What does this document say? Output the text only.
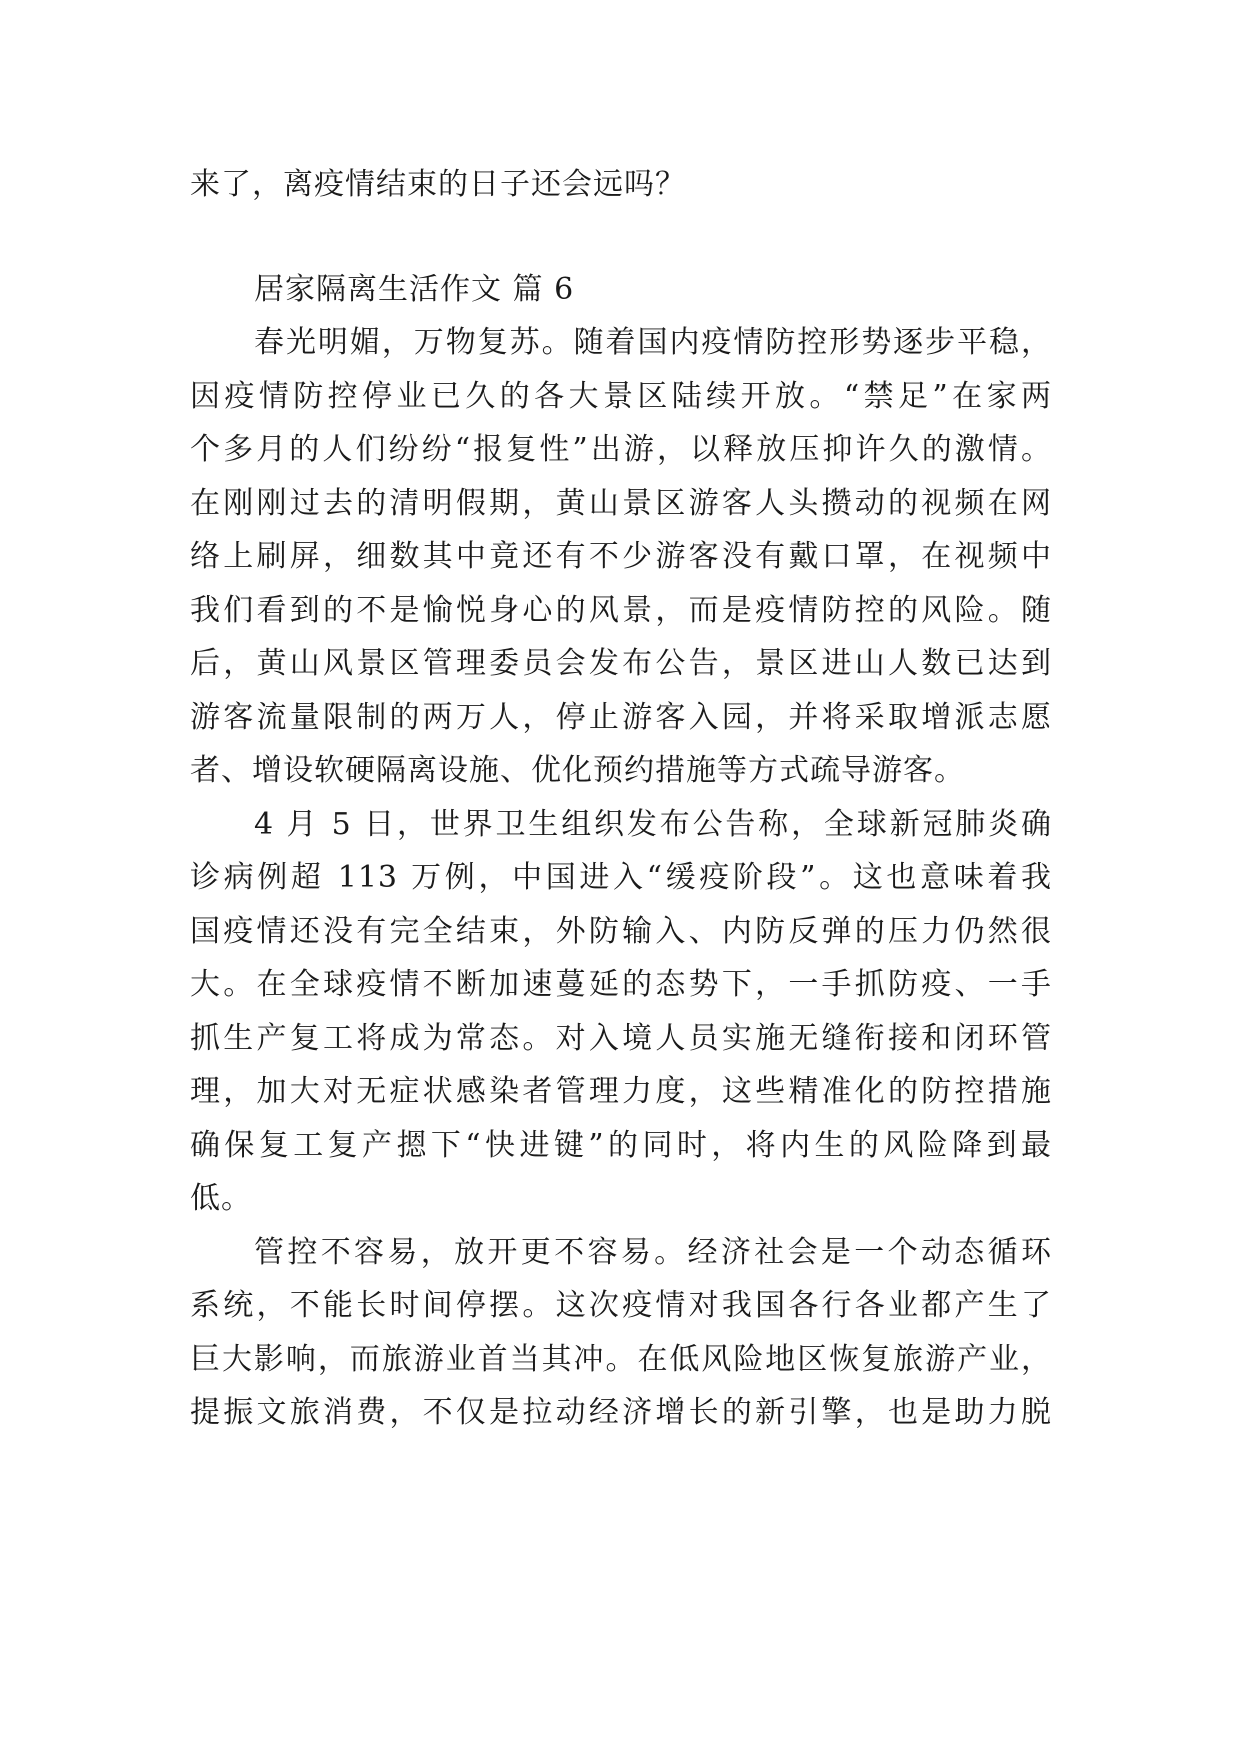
来了，离疫情结束的日子还会远吗？
居家隔离生活作文 篇 6
春光明媚，万物复苏。随着国内疫情防控形势逐步平稳，
因疫情防控停业已久的各大景区陆续开放。“禁足”在家两
个多月的人们纷纷“报复性”出游，以释放压抑许久的激情。
在刚刚过去的清明假期，黄山景区游客人头攒动的视频在网
络上刷屏，细数其中竟还有不少游客没有戴口罩，在视频中
我们看到的不是愉悦身心的风景，而是疫情防控的风险。随
后，黄山风景区管理委员会发布公告，景区进山人数已达到
游客流量限制的两万人，停止游客入园，并将采取增派志愿
者、增设软硬隔离设施、优化预约措施等方式疏导游客。
4 月 5 日，世界卫生组织发布公告称，全球新冠肺炎确
诊病例超 113 万例，中国进入“缓疫阶段”。这也意味着我
国疫情还没有完全结束，外防输入、内防反弹的压力仍然很
大。在全球疫情不断加速蔓延的态势下，一手抓防疫、一手
抓生产复工将成为常态。对入境人员实施无缝衔接和闭环管
理，加大对无症状感染者管理力度，这些精准化的防控措施
确保复工复产摁下“快进键”的同时，将内生的风险降到最
低。
管控不容易，放开更不容易。经济社会是一个动态循环
系统，不能长时间停摆。这次疫情对我国各行各业都产生了
巨大影响，而旅游业首当其冲。在低风险地区恢复旅游产业，
提振文旅消费，不仅是拉动经济增长的新引擎，也是助力脱
